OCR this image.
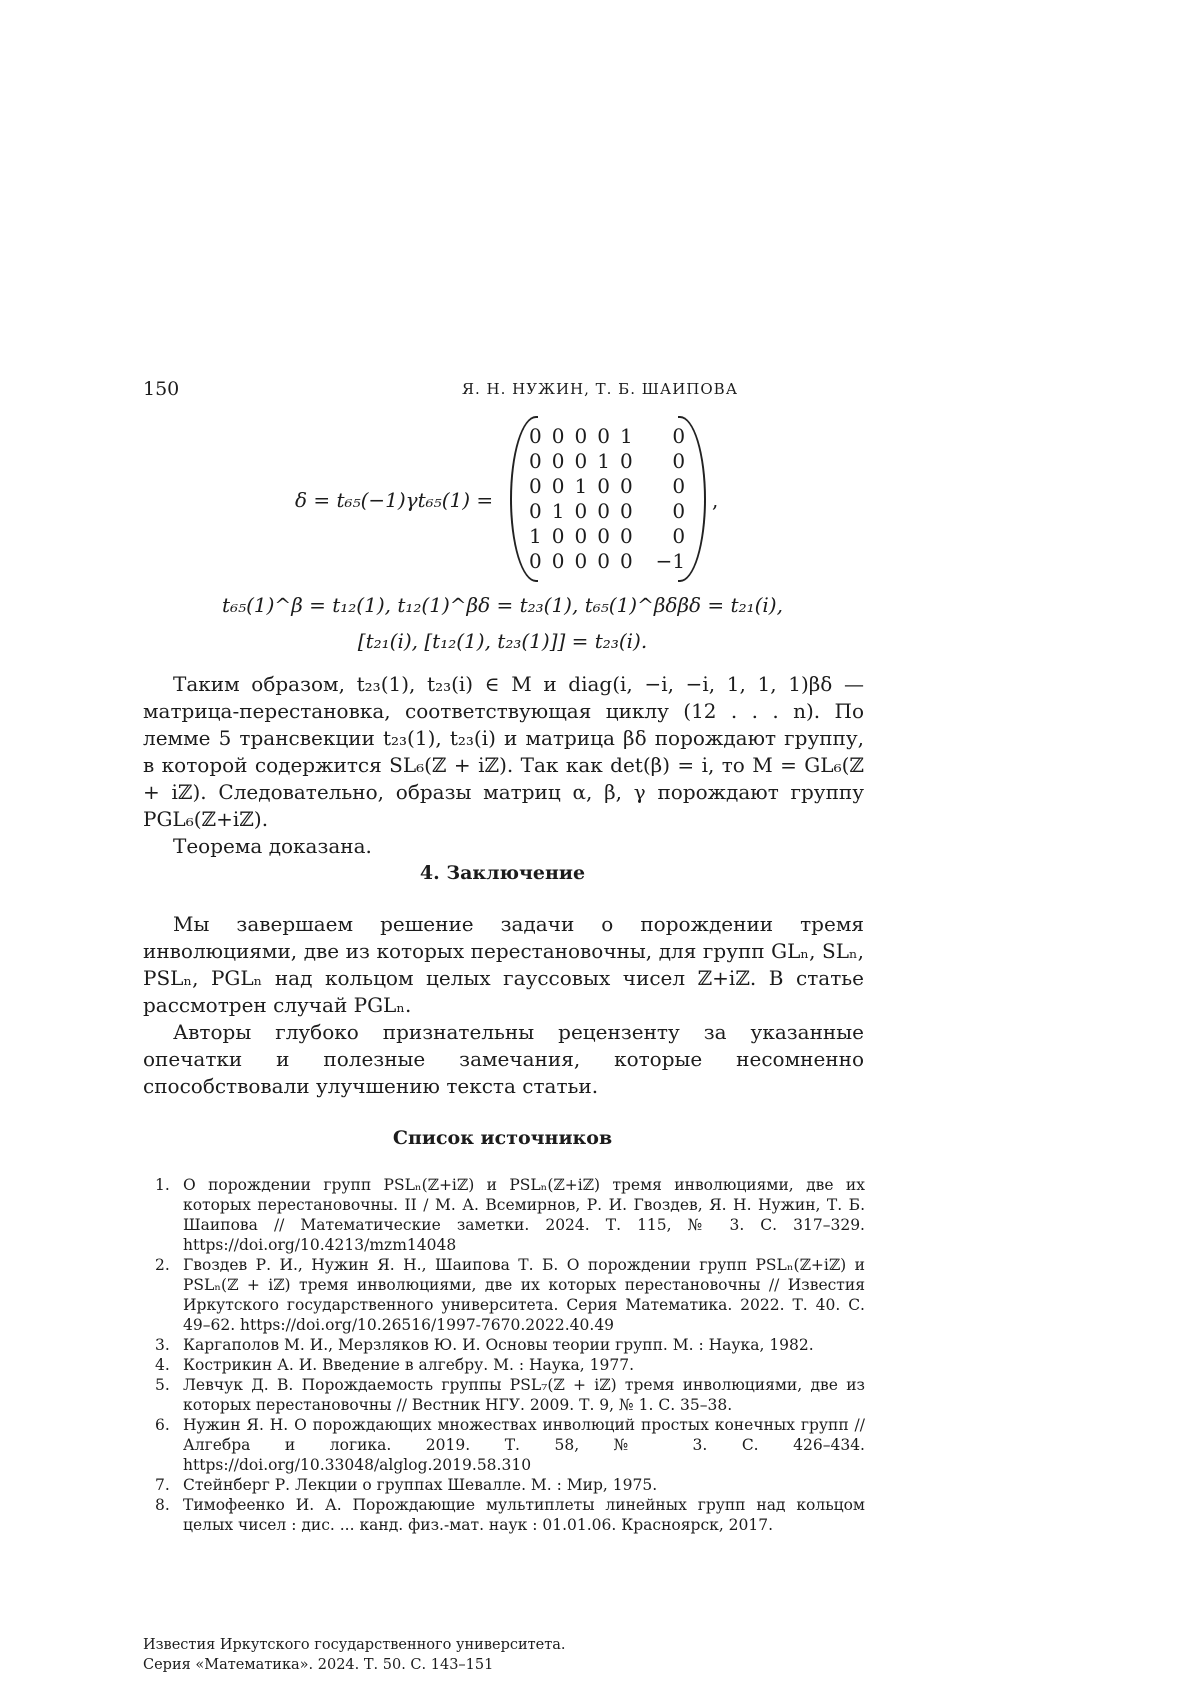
150	Я. Н. НУЖИН, Т. Б. ШАИПОВА
δ = t₆₅(−1)γt₆₅(1) =
0	0	0	0	1	0
0	0	0	1	0	0
0	0	1	0	0	0
0	1	0	0	0	0
1	0	0	0	0	0
0	0	0	0	0	−1
,
t₆₅(1)^β = t₁₂(1), t₁₂(1)^βδ = t₂₃(1), t₆₅(1)^βδβδ = t₂₁(i),
[t₂₁(i), [t₁₂(1), t₂₃(1)]] = t₂₃(i).

Таким образом, t₂₃(1), t₂₃(i) ∈ M и diag(i, −i, −i, 1, 1, 1)βδ — матрица-перестановка, соответствующая циклу (12 . . . n). По лемме 5 трансвекции t₂₃(1), t₂₃(i) и матрица βδ порождают группу, в которой содержится SL₆(ℤ + iℤ). Так как det(β) = i, то M = GL₆(ℤ + iℤ). Следовательно, образы матриц α, β, γ порождают группу PGL₆(ℤ+iℤ).

Теорема доказана.

4. Заключение

Мы завершаем решение задачи о порождении тремя инволюциями, две из которых перестановочны, для групп GLₙ, SLₙ, PSLₙ, PGLₙ над кольцом целых гауссовых чисел ℤ+iℤ. В статье рассмотрен случай PGLₙ.

Авторы глубоко признательны рецензенту за указанные опечатки и полезные замечания, которые несомненно способствовали улучшению текста статьи.

Список источников
1. О порождении групп PSLₙ(ℤ+iℤ) и PSLₙ(ℤ+iℤ) тремя инволюциями, две их которых перестановочны. II / М. А. Всемирнов, Р. И. Гвоздев, Я. Н. Нужин, Т. Б. Шаипова // Математические заметки. 2024. Т. 115, № 3. С. 317–329. https://doi.org/10.4213/mzm14048
2. Гвоздев Р. И., Нужин Я. Н., Шаипова Т. Б. О порождении групп PSLₙ(ℤ+iℤ) и PSLₙ(ℤ + iℤ) тремя инволюциями, две их которых перестановочны // Известия Иркутского государственного университета. Серия Математика. 2022. Т. 40. С. 49–62. https://doi.org/10.26516/1997-7670.2022.40.49
3. Каргаполов М. И., Мерзляков Ю. И. Основы теории групп. М. : Наука, 1982.
4. Кострикин А. И. Введение в алгебру. М. : Наука, 1977.
5. Левчук Д. В. Порождаемость группы PSL₇(ℤ + iℤ) тремя инволюциями, две из которых перестановочны // Вестник НГУ. 2009. Т. 9, № 1. С. 35–38.
6. Нужин Я. Н. О порождающих множествах инволюций простых конечных групп // Алгебра и логика. 2019. Т. 58, № 3. С. 426–434. https://doi.org/10.33048/alglog.2019.58.310
7. Стейнберг Р. Лекции о группах Шевалле. М. : Мир, 1975.
8. Тимофеенко И. А. Порождающие мультиплеты линейных групп над кольцом целых чисел : дис. ... канд. физ.-мат. наук : 01.01.06. Красноярск, 2017.
Известия Иркутского государственного университета.
Серия «Математика». 2024. Т. 50. С. 143–151
